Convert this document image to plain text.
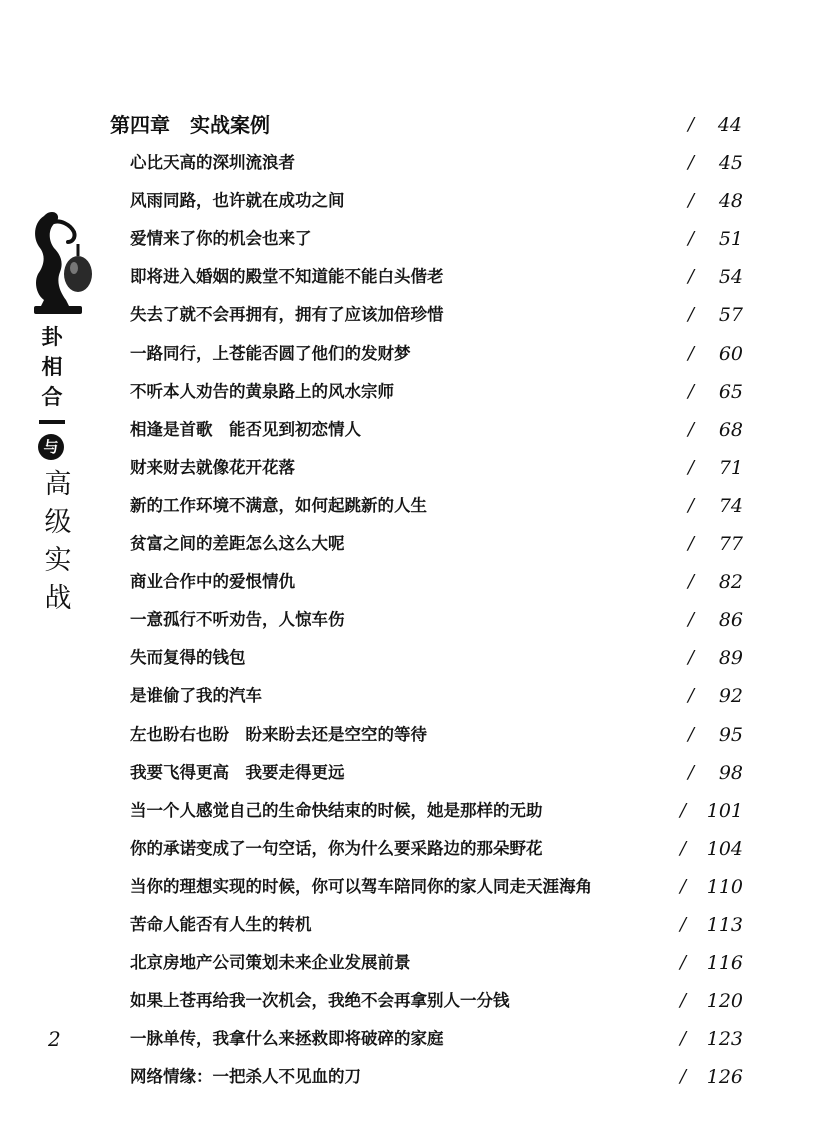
卦
相
合
与
高
级
实
战
第四章　实战案例	/	44
心比天高的深圳流浪者	/	45
风雨同路，也许就在成功之间	/	48
爱情来了你的机会也来了	/	51
即将进入婚姻的殿堂不知道能不能白头偕老	/	54
失去了就不会再拥有，拥有了应该加倍珍惜	/	57
一路同行，上苍能否圆了他们的发财梦	/	60
不听本人劝告的黄泉路上的风水宗师	/	65
相逢是首歌　能否见到初恋情人	/	68
财来财去就像花开花落	/	71
新的工作环境不满意，如何起跳新的人生	/	74
贫富之间的差距怎么这么大呢	/	77
商业合作中的爱恨情仇	/	82
一意孤行不听劝告，人惊车伤	/	86
失而复得的钱包	/	89
是谁偷了我的汽车	/	92
左也盼右也盼　盼来盼去还是空空的等待	/	95
我要飞得更高　我要走得更远	/	98
当一个人感觉自己的生命快结束的时候，她是那样的无助	/	101
你的承诺变成了一句空话，你为什么要采路边的那朵野花	/	104
当你的理想实现的时候，你可以驾车陪同你的家人同走天涯海角	/	110
苦命人能否有人生的转机	/	113
北京房地产公司策划未来企业发展前景	/	116
如果上苍再给我一次机会，我绝不会再拿别人一分钱	/	120
一脉单传，我拿什么来拯救即将破碎的家庭	/	123
网络情缘：一把杀人不见血的刀	/	126
2
